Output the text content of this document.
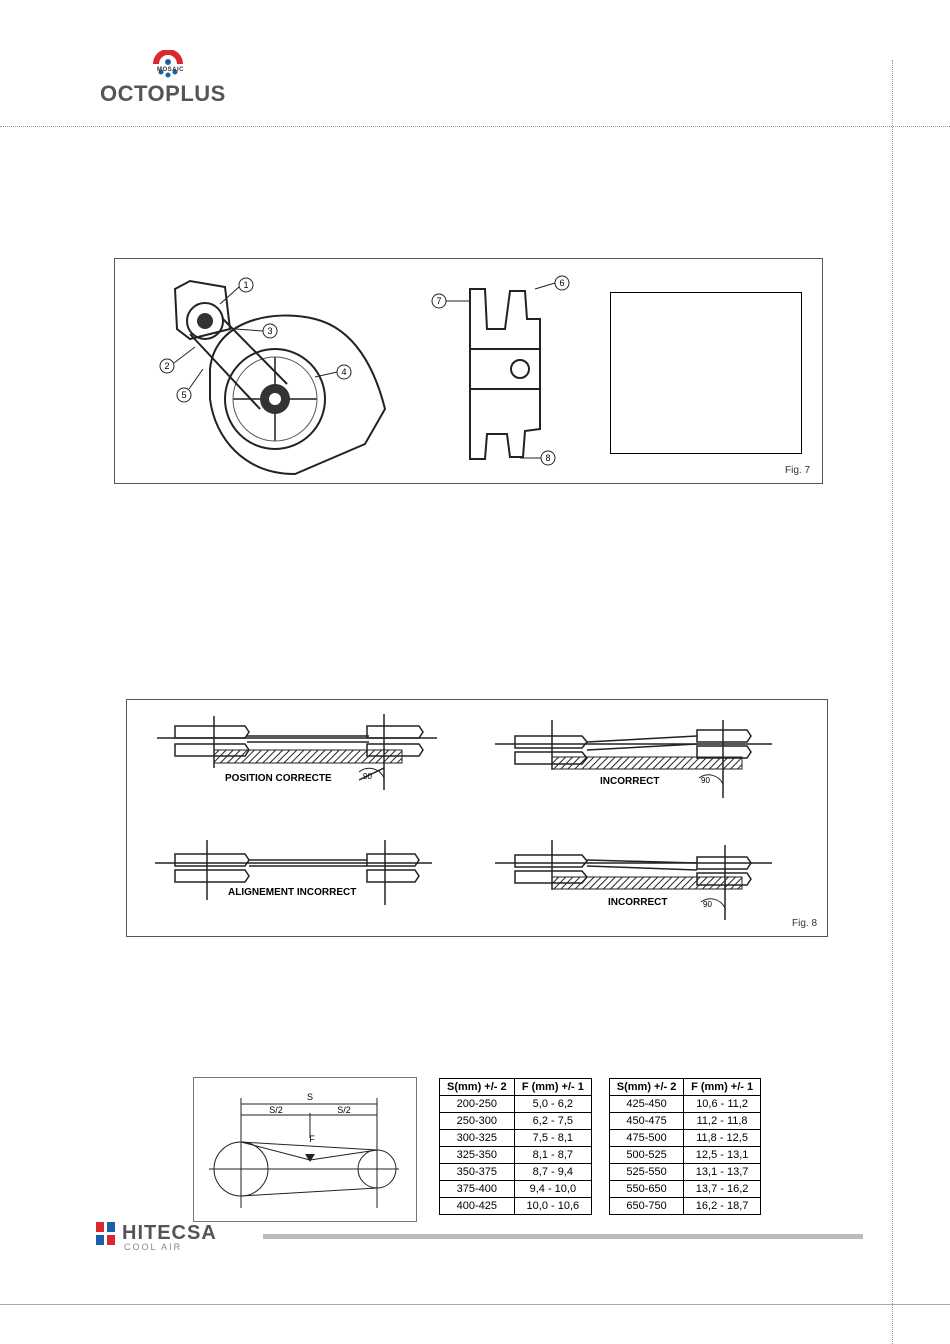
MOSAIC
OCTOPLUS
1
2
3
4
5
6
7
8
Fig. 7
90	90
90
POSITION CORRECTE	INCORRECT
ALIGNEMENT INCORRECT
INCORRECT
Fig. 8
S
S/2	S/2
F
S(mm) +/- 2	F (mm) +/- 1
200-250	5,0 - 6,2
250-300	6,2 - 7,5
300-325	7,5 - 8,1
325-350	8,1 - 8,7
350-375	8,7 - 9,4
375-400	9,4 - 10,0
400-425	10,0 - 10,6
S(mm) +/- 2	F (mm) +/- 1
425-450	10,6 - 11,2
450-475	11,2 - 11,8
475-500	11,8 - 12,5
500-525	12,5 - 13,1
525-550	13,1 - 13,7
550-650	13,7 - 16,2
650-750	16,2 - 18,7
HITECSA
COOL AIR
